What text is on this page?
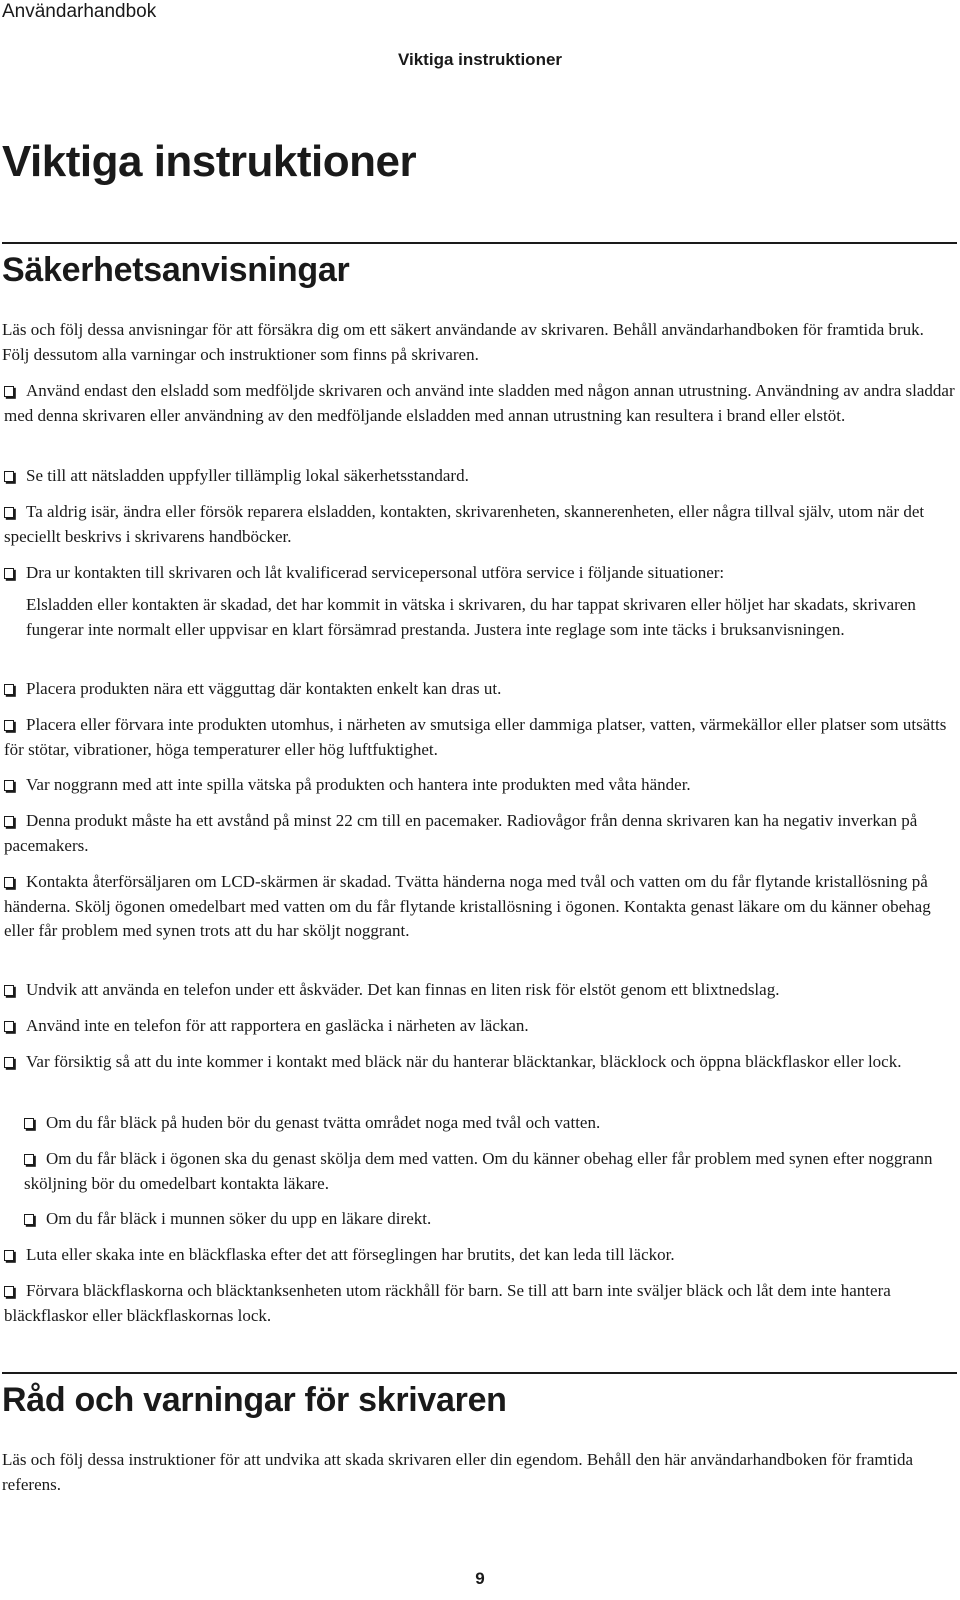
Användarhandbok
Viktiga instruktioner
Viktiga instruktioner
Säkerhetsanvisningar
Läs och följ dessa anvisningar för att försäkra dig om ett säkert användande av skrivaren. Behåll användarhandboken för framtida bruk. Följ dessutom alla varningar och instruktioner som finns på skrivaren.
Använd endast den elsladd som medföljde skrivaren och använd inte sladden med någon annan utrustning. Användning av andra sladdar med denna skrivaren eller användning av den medföljande elsladden med annan utrustning kan resultera i brand eller elstöt.
Se till att nätsladden uppfyller tillämplig lokal säkerhetsstandard.
Ta aldrig isär, ändra eller försök reparera elsladden, kontakten, skrivarenheten, skannerenheten, eller några tillval själv, utom när det speciellt beskrivs i skrivarens handböcker.
Dra ur kontakten till skrivaren och låt kvalificerad servicepersonal utföra service i följande situationer:
Elsladden eller kontakten är skadad, det har kommit in vätska i skrivaren, du har tappat skrivaren eller höljet har skadats, skrivaren fungerar inte normalt eller uppvisar en klart försämrad prestanda. Justera inte reglage som inte täcks i bruksanvisningen.
Placera produkten nära ett vägguttag där kontakten enkelt kan dras ut.
Placera eller förvara inte produkten utomhus, i närheten av smutsiga eller dammiga platser, vatten, värmekällor eller platser som utsätts för stötar, vibrationer, höga temperaturer eller hög luftfuktighet.
Var noggrann med att inte spilla vätska på produkten och hantera inte produkten med våta händer.
Denna produkt måste ha ett avstånd på minst 22 cm till en pacemaker. Radiovågor från denna skrivaren kan ha negativ inverkan på pacemakers.
Kontakta återförsäljaren om LCD-skärmen är skadad. Tvätta händerna noga med tvål och vatten om du får flytande kristallösning på händerna. Skölj ögonen omedelbart med vatten om du får flytande kristallösning i ögonen. Kontakta genast läkare om du känner obehag eller får problem med synen trots att du har sköljt noggrant.
Undvik att använda en telefon under ett åskväder. Det kan finnas en liten risk för elstöt genom ett blixtnedslag.
Använd inte en telefon för att rapportera en gasläcka i närheten av läckan.
Var försiktig så att du inte kommer i kontakt med bläck när du hanterar bläcktankar, bläcklock och öppna bläckflaskor eller lock.
Om du får bläck på huden bör du genast tvätta området noga med tvål och vatten.
Om du får bläck i ögonen ska du genast skölja dem med vatten. Om du känner obehag eller får problem med synen efter noggrann sköljning bör du omedelbart kontakta läkare.
Om du får bläck i munnen söker du upp en läkare direkt.
Luta eller skaka inte en bläckflaska efter det att förseglingen har brutits, det kan leda till läckor.
Förvara bläckflaskorna och bläcktanksenheten utom räckhåll för barn. Se till att barn inte sväljer bläck och låt dem inte hantera bläckflaskor eller bläckflaskornas lock.
Råd och varningar för skrivaren
Läs och följ dessa instruktioner för att undvika att skada skrivaren eller din egendom. Behåll den här användarhandboken för framtida referens.
9
